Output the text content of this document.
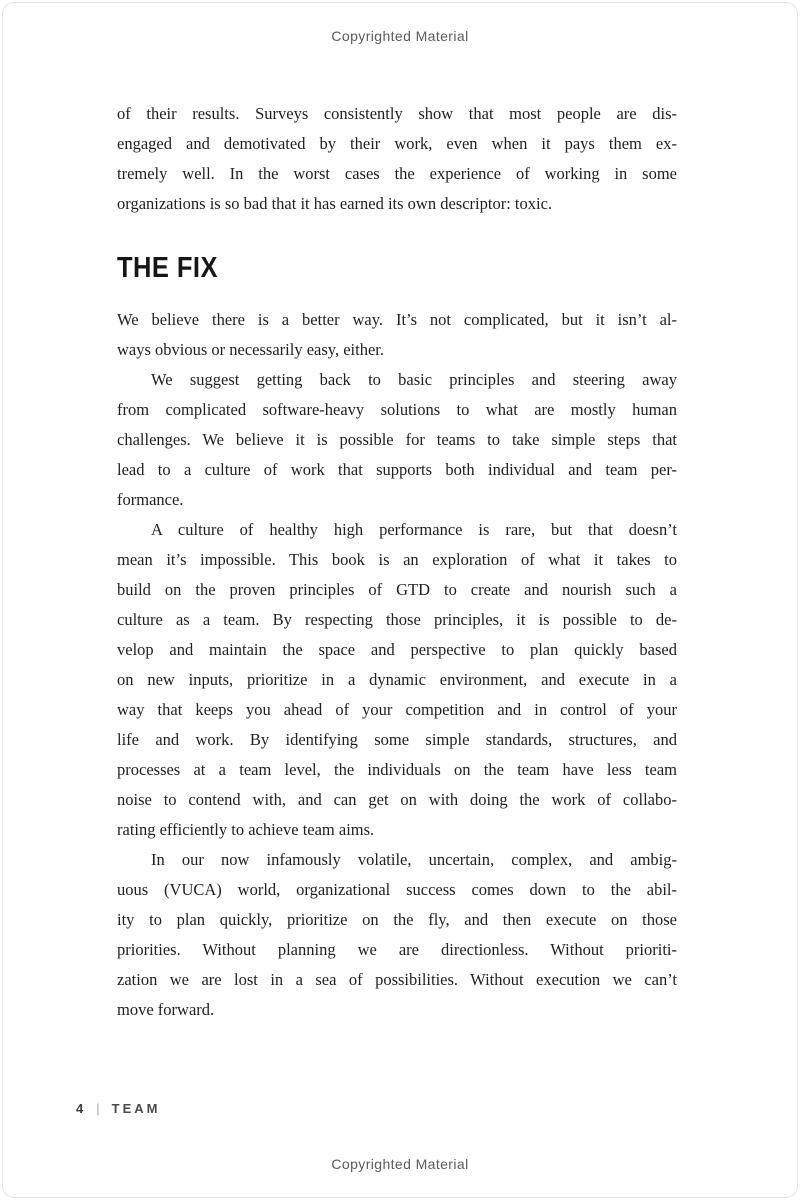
Copyrighted Material
of their results. Surveys consistently show that most people are dis-
engaged and demotivated by their work, even when it pays them ex-
tremely well. In the worst cases the experience of working in some
organizations is so bad that it has earned its own descriptor: toxic.
THE FIX
We believe there is a better way. It’s not complicated, but it isn’t al-
ways obvious or necessarily easy, either.
We suggest getting back to basic principles and steering away
from complicated software-heavy solutions to what are mostly human
challenges. We believe it is possible for teams to take simple steps that
lead to a culture of work that supports both individual and team per-
formance.
A culture of healthy high performance is rare, but that doesn’t
mean it’s impossible. This book is an exploration of what it takes to
build on the proven principles of GTD to create and nourish such a
culture as a team. By respecting those principles, it is possible to de-
velop and maintain the space and perspective to plan quickly based
on new inputs, prioritize in a dynamic environment, and execute in a
way that keeps you ahead of your competition and in control of your
life and work. By identifying some simple standards, structures, and
processes at a team level, the individuals on the team have less team
noise to contend with, and can get on with doing the work of collabo-
rating efficiently to achieve team aims.
In our now infamously volatile, uncertain, complex, and ambig-
uous (VUCA) world, organizational success comes down to the abil-
ity to plan quickly, prioritize on the fly, and then execute on those
priorities. Without planning we are directionless. Without prioriti-
zation we are lost in a sea of possibilities. Without execution we can’t
move forward.
4 | TEAM
Copyrighted Material
